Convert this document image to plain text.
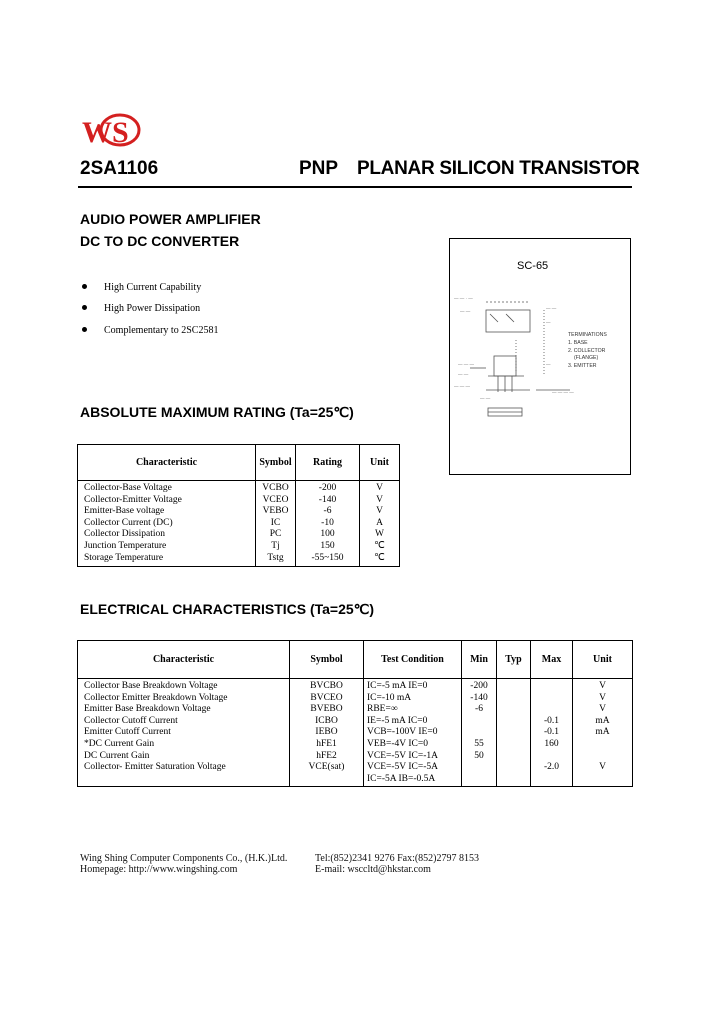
WS
2SA1106	PNP PLANAR SILICON TRANSISTOR
AUDIO POWER AMPLIFIER
DC TO DC CONVERTER
High Current Capability
High Power Dissipation
Complementary to 2SC2581
SC-65
— — · —
— —
— —
—
— — —
— —
— — —
— —
— — — —
—
TERMINATIONS
1. BASE
2. COLLECTOR
(FLANGE)
3. EMITTER
ABSOLUTE MAXIMUM RATING (Ta=25℃)
Characteristic	Symbol	Rating	Unit
Collector-Base Voltage	VCBO	-200	V
Collector-Emitter Voltage	VCEO	-140	V
Emitter-Base voltage	VEBO	-6	V
Collector Current (DC)	IC	-10	A
Collector Dissipation	PC	100	W
Junction Temperature	Tj	150	℃
Storage Temperature	Tstg	-55~150	℃
ELECTRICAL CHARACTERISTICS (Ta=25℃)
Characteristic	Symbol	Test Condition	Min	Typ	Max	Unit
Collector Base Breakdown Voltage	BVCBO	IC=-5 mA IE=0	-200			V
Collector Emitter Breakdown Voltage	BVCEO	IC=-10 mA	-140			V
Emitter Base Breakdown Voltage	BVEBO	RBE=∞	-6			V
Collector Cutoff Current	ICBO	IE=-5 mA IC=0			-0.1	mA
Emitter Cutoff Current	IEBO	VCB=-100V IE=0			-0.1	mA
*DC Current Gain	hFE1	VEB=-4V IC=0	55		160	
DC Current Gain	hFE2	VCE=-5V IC=-1A	50			
Collector- Emitter Saturation Voltage	VCE(sat)	VCE=-5V IC=-5A			-2.0	V
		IC=-5A IB=-0.5A				
Wing Shing Computer Components Co., (H.K.)Ltd.
Homepage: http://www.wingshing.com
Tel:(852)2341 9276 Fax:(852)2797 8153
E-mail: wsccltd@hkstar.com
